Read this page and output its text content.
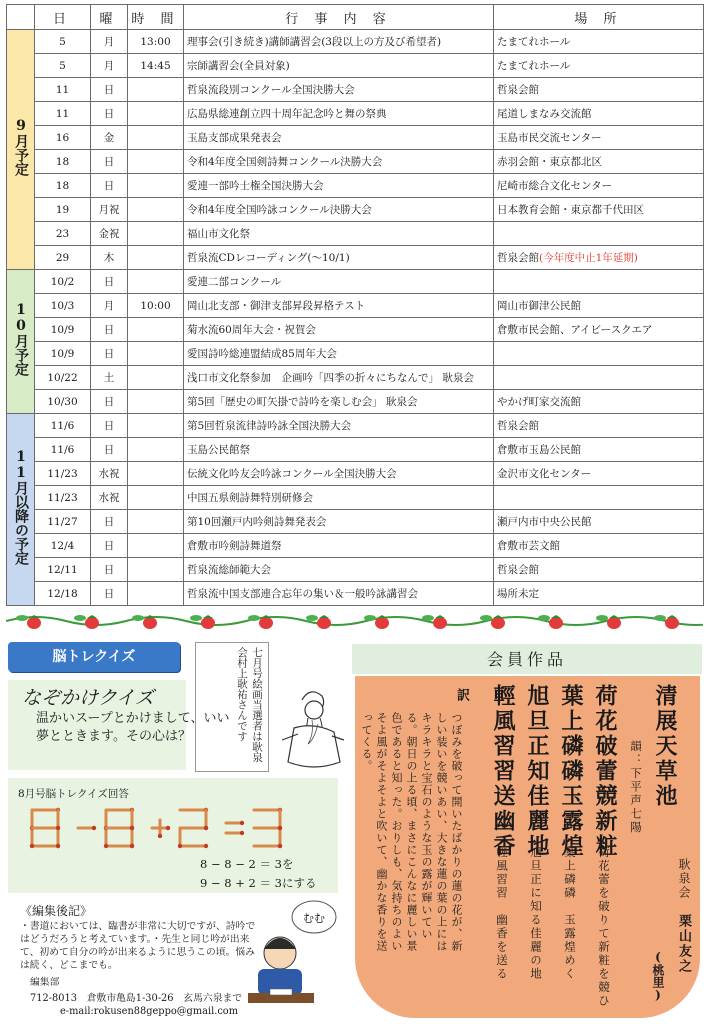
	日	曜	時 間	行 事 内 容	場 所
9月予定	5	月	13:00	理事会(引き続き)講師講習会(3段以上の方及び希望者)	たまてれホール
	5	月	14:45	宗師講習会(全員対象)	たまてれホール
	11	日		哲泉流段別コンクール全国決勝大会	哲泉会館
	11	日		広島県総連創立四十周年記念吟と舞の祭典	尾道しまなみ交流館
	16	金		玉島支部成果発表会	玉島市民交流センター
	18	日		令和4年度全国剣詩舞コンクール決勝大会	赤羽会館・東京都北区
	18	日		愛連一部吟士権全国決勝大会	尼崎市総合文化センター
	19	月祝		令和4年度全国吟詠コンクール決勝大会	日本教育会館・東京都千代田区
	23	金祝		福山市文化祭	
	29	木		哲泉流CDレコーディング(〜10/1)	哲泉会館(今年度中止1年延期)
10月予定	10/2	日		愛連二部コンクール	
	10/3	月	10:00	岡山北支部・御津支部昇段昇格テスト	岡山市御津公民館
	10/9	日		菊水流60周年大会・祝賀会	倉敷市民会館、アイビースクエア
	10/9	日		愛国詩吟総連盟結成85周年大会	
	10/22	土		浅口市文化祭参加　企画吟「四季の折々にちなんで」 耿泉会	
	10/30	日		第5回「歴史の町矢掛で詩吟を楽しむ会」 耿泉会	やかげ町家交流館
11月以降の予定	11/6	日		第5回哲泉流律詩吟詠全国決勝大会	哲泉会館
	11/6	日		玉島公民館祭	倉敷市玉島公民館
	11/23	水祝		伝統文化吟友会吟詠コンクール全国決勝大会	金沢市文化センター
	11/23	水祝		中国五県剣詩舞特別研修会	
	11/27	日		第10回瀬戸内吟剣詩舞発表会	瀬戸内市中央公民館
	12/4	日		倉敷市吟剣詩舞道祭	倉敷市芸文館
	12/11	日		哲泉流総師範大会	哲泉会館
	12/18	日		哲泉流中国支部連合忘年の集い＆一般吟詠講習会	場所未定
脳トレクイズ	七月号絵画当選者は耿泉会村上耿祐さんです
なぞかけクイズ
温かいスープとかけまして、いい夢とときます。その心は？
8月号脳トレクイズ回答
8 − 8 − 2 ＝ 3を
9 − 8 + 2 ＝ 3にする
《編集後記》
・書道においては、臨書が非常に大切ですが、詩吟ではどうだろうと考えています。・先生と同じ吟が出来て、初めて自分の吟が出来るように思うこの頃。悩みは続く、どこまでも。
編集部
712-8013　倉敷市亀島1-30-26　玄馬六泉まで
e-mail:rokusen88geppo@gmail.com
むむ
会員作品
清展天草池
韻：下平声七陽
荷花破蕾競新粧
荷花蕾を破りて新粧を競ひ
葉上磷磷玉露煌
葉上磷磷　玉露煌めく
旭旦正知佳麗地
旭旦正に知る佳麗の地
輕風習習送幽香
輕風習習　幽香を送る	耿泉会
栗山友之
(桃里)
訳
つぼみを破って開いたばかりの蓮の花が、新しい装いを競いあい、大きな蓮の葉の上にはキラキラと宝石のような玉の露が輝いている。朝日の上る頃、まさにこんなに麗しい景色であると知った。おりしも、気持ちのよいそよ風がそよそよと吹いて、幽かな香りを送ってくる。
